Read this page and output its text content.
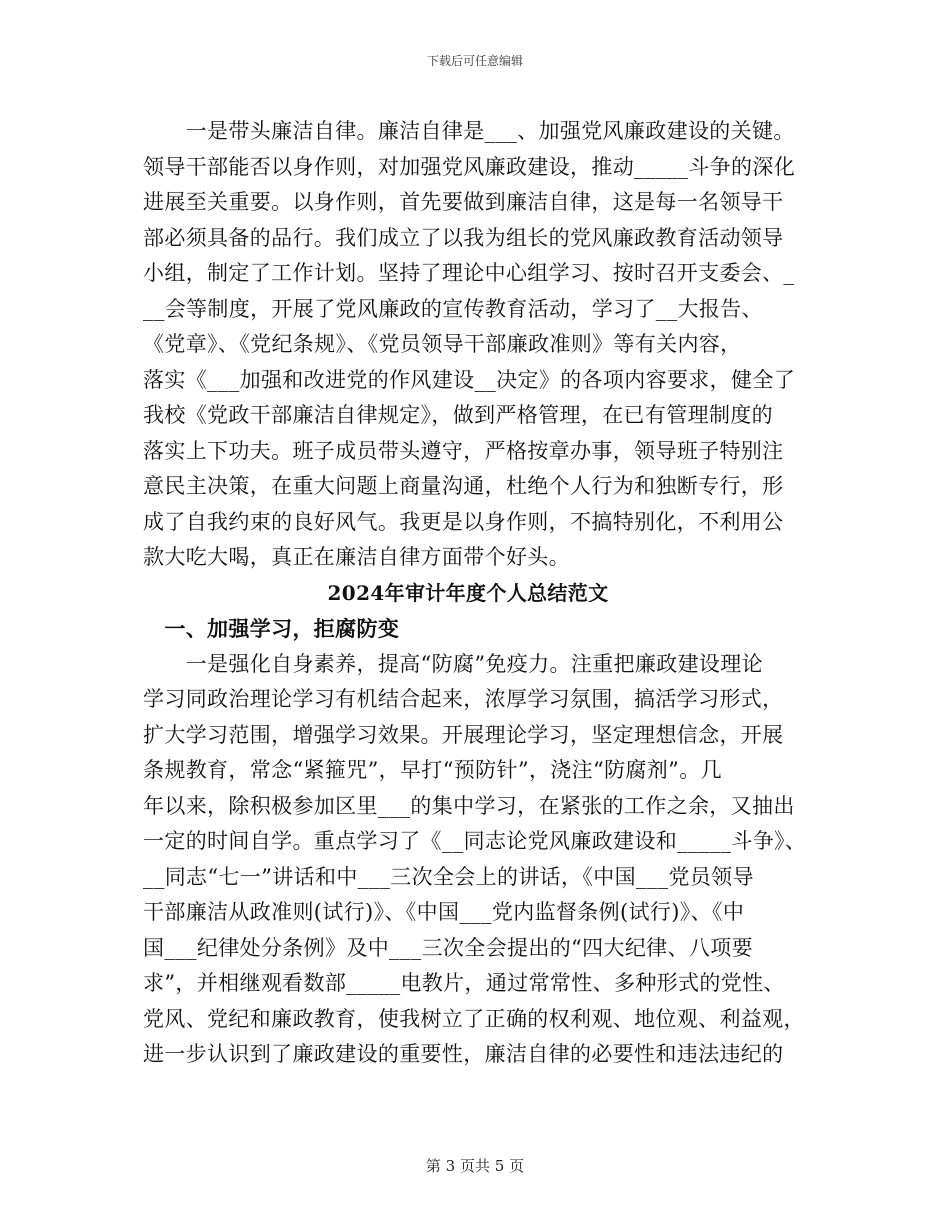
下载后可任意编辑
　　一是带头廉洁自律。廉洁自律是___、加强党风廉政建设的关键。
领导干部能否以身作则，对加强党风廉政建设，推动_____斗争的深化
进展至关重要。以身作则，首先要做到廉洁自律，这是每一名领导干
部必须具备的品行。我们成立了以我为组长的党风廉政教育活动领导
小组，制定了工作计划。坚持了理论中心组学习、按时召开支委会、_
__会等制度，开展了党风廉政的宣传教育活动，学习了__大报告、
《党章》、《党纪条规》、《党员领导干部廉政准则》等有关内容，
落实《___加强和改进党的作风建设__决定》的各项内容要求，健全了
我校《党政干部廉洁自律规定》，做到严格管理，在已有管理制度的
落实上下功夫。班子成员带头遵守，严格按章办事，领导班子特别注
意民主决策，在重大问题上商量沟通，杜绝个人行为和独断专行，形
成了自我约束的良好风气。我更是以身作则，不搞特别化，不利用公
款大吃大喝，真正在廉洁自律方面带个好头。
2024年审计年度个人总结范文
　一、加强学习，拒腐防变
　　一是强化自身素养，提高“防腐”免疫力。注重把廉政建设理论
学习同政治理论学习有机结合起来，浓厚学习氛围，搞活学习形式，
扩大学习范围，增强学习效果。开展理论学习，坚定理想信念，开展
条规教育，常念“紧箍咒”，早打“预防针”，浇注“防腐剂”。几
年以来，除积极参加区里___的集中学习，在紧张的工作之余，又抽出
一定的时间自学。重点学习了《__同志论党风廉政建设和_____斗争》、
__同志“七一”讲话和中___三次全会上的讲话，《中国___党员领导
干部廉洁从政准则(试行)》、《中国___党内监督条例(试行)》、《中
国___纪律处分条例》及中___三次全会提出的“四大纪律、八项要
求”，并相继观看数部_____电教片，通过常常性、多种形式的党性、
党风、党纪和廉政教育，使我树立了正确的权利观、地位观、利益观，
进一步认识到了廉政建设的重要性，廉洁自律的必要性和违法违纪的
第 3 页共 5 页
